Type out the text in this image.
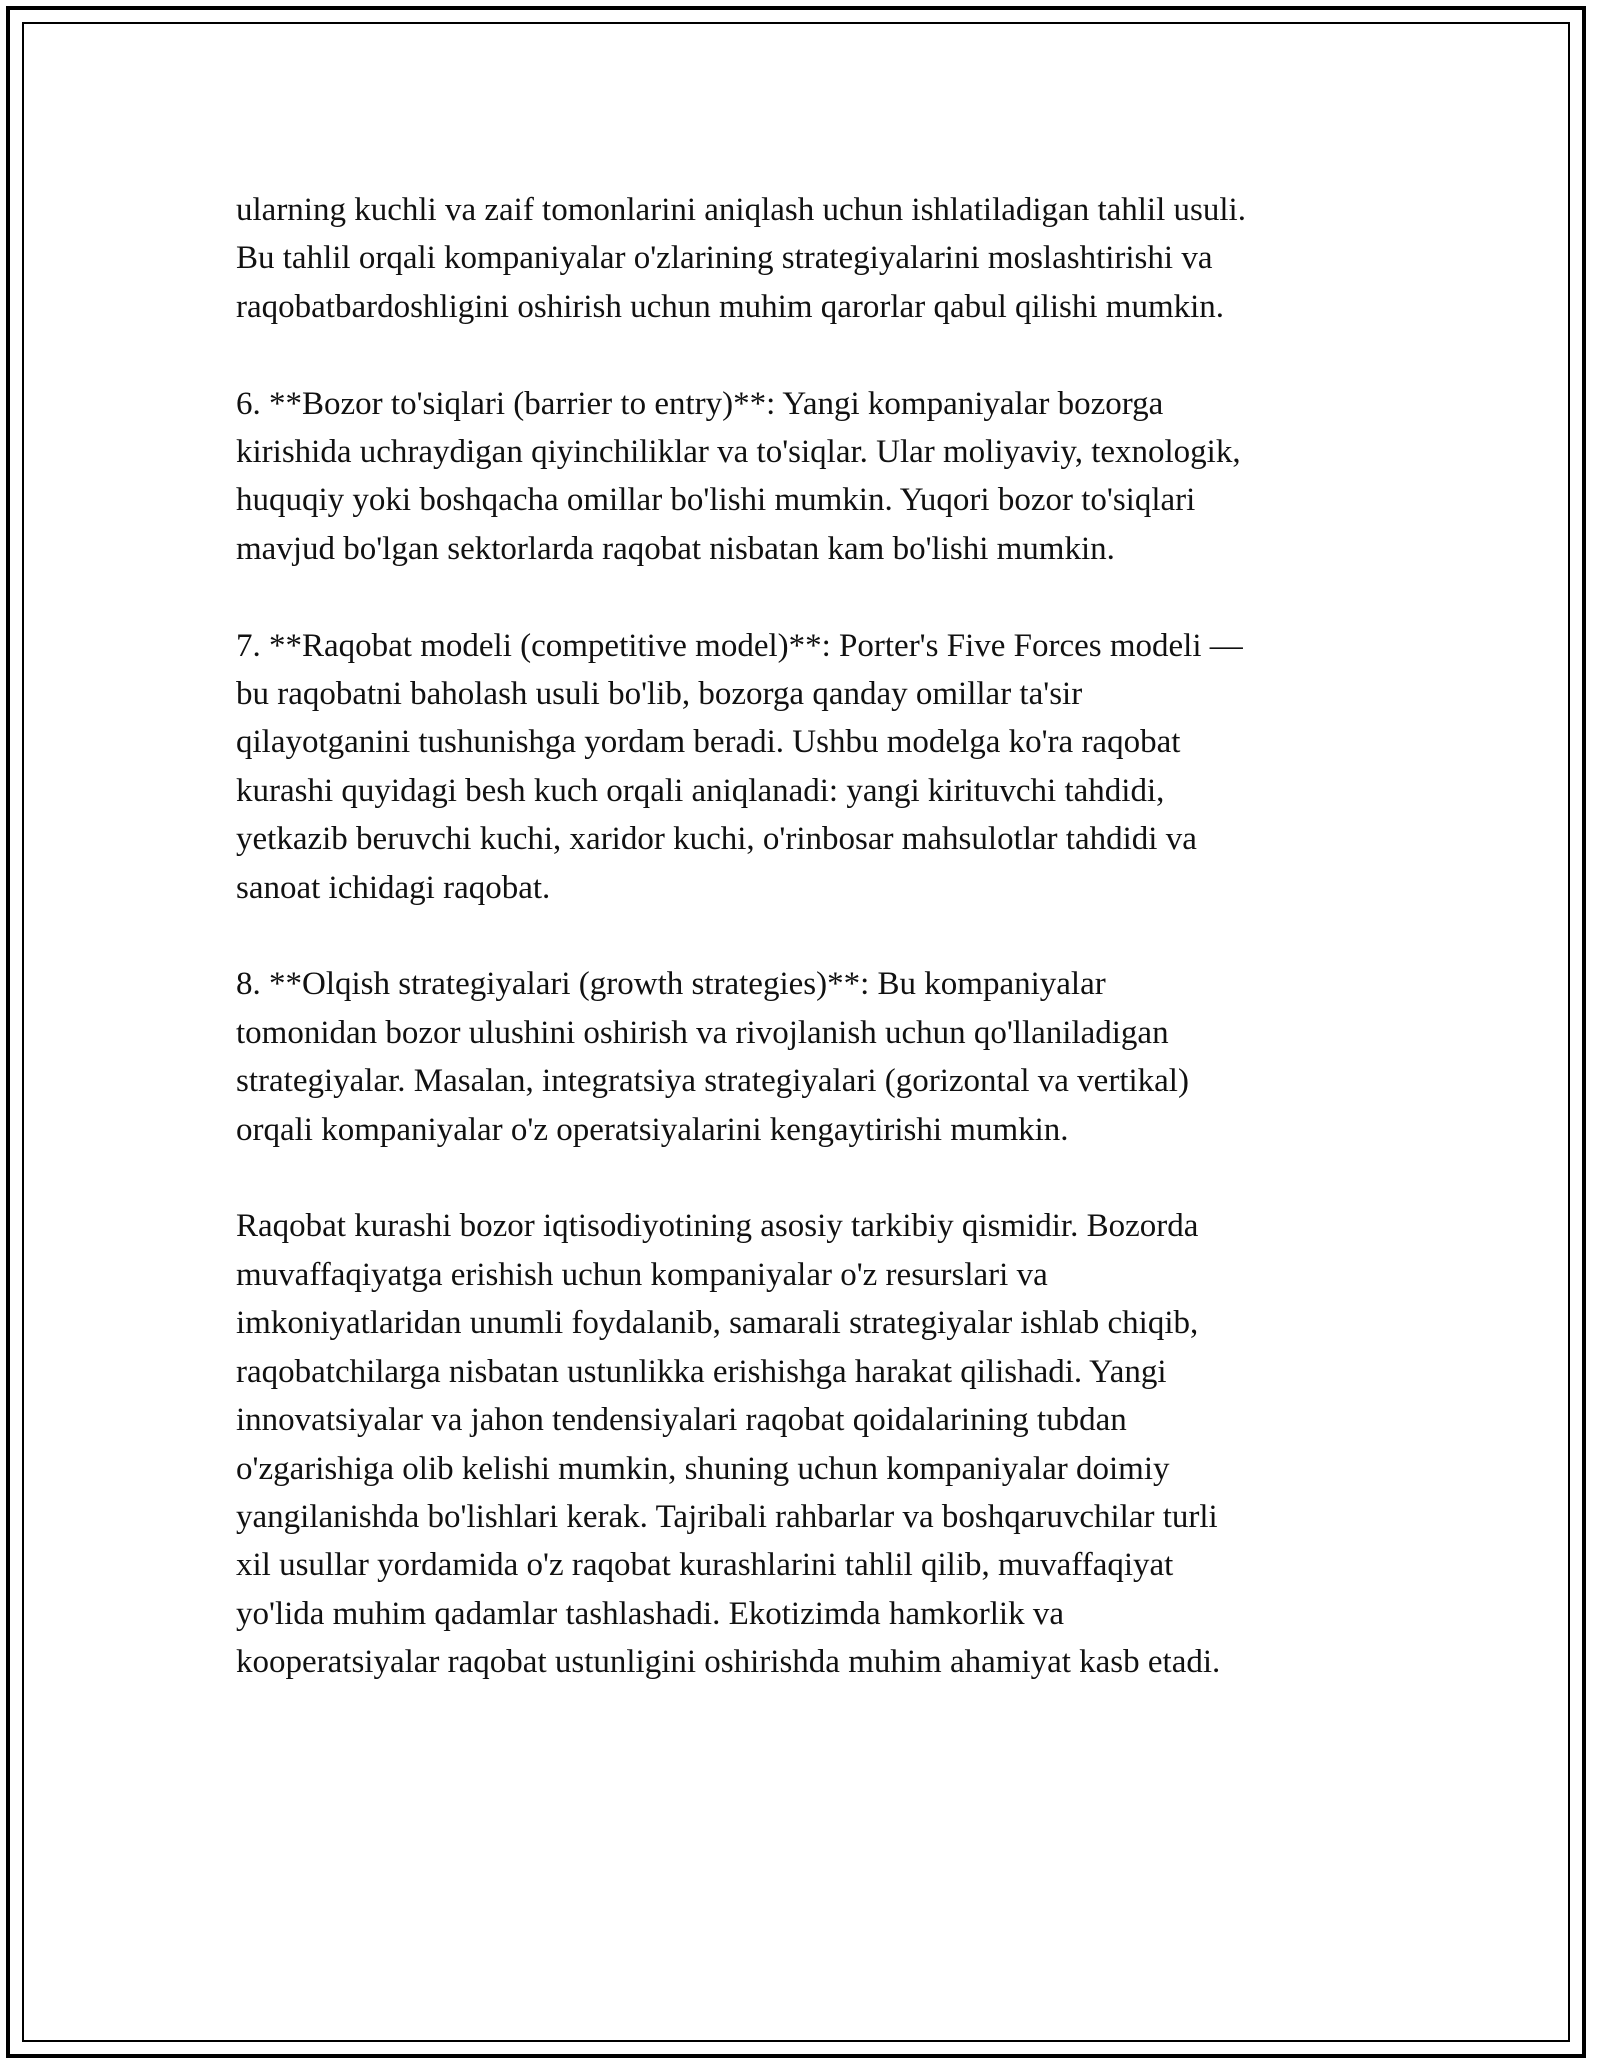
ularning kuchli va zaif tomonlarini aniqlash uchun ishlatiladigan tahlil usuli.
Bu tahlil orqali kompaniyalar o'zlarining strategiyalarini moslashtirishi va
raqobatbardoshligini oshirish uchun muhim qarorlar qabul qilishi mumkin.

6. **Bozor to'siqlari (barrier to entry)**: Yangi kompaniyalar bozorga
kirishida uchraydigan qiyinchiliklar va to'siqlar. Ular moliyaviy, texnologik,
huquqiy yoki boshqacha omillar bo'lishi mumkin. Yuqori bozor to'siqlari
mavjud bo'lgan sektorlarda raqobat nisbatan kam bo'lishi mumkin.

7. **Raqobat modeli (competitive model)**: Porter's Five Forces modeli —
bu raqobatni baholash usuli bo'lib, bozorga qanday omillar ta'sir
qilayotganini tushunishga yordam beradi. Ushbu modelga ko'ra raqobat
kurashi quyidagi besh kuch orqali aniqlanadi: yangi kirituvchi tahdidi,
yetkazib beruvchi kuchi, xaridor kuchi, o'rinbosar mahsulotlar tahdidi va
sanoat ichidagi raqobat.

8. **Olqish strategiyalari (growth strategies)**: Bu kompaniyalar
tomonidan bozor ulushini oshirish va rivojlanish uchun qo'llaniladigan
strategiyalar. Masalan, integratsiya strategiyalari (gorizontal va vertikal)
orqali kompaniyalar o'z operatsiyalarini kengaytirishi mumkin.

Raqobat kurashi bozor iqtisodiyotining asosiy tarkibiy qismidir. Bozorda
muvaffaqiyatga erishish uchun kompaniyalar o'z resurslari va
imkoniyatlaridan unumli foydalanib, samarali strategiyalar ishlab chiqib,
raqobatchilarga nisbatan ustunlikka erishishga harakat qilishadi. Yangi
innovatsiyalar va jahon tendensiyalari raqobat qoidalarining tubdan
o'zgarishiga olib kelishi mumkin, shuning uchun kompaniyalar doimiy
yangilanishda bo'lishlari kerak. Tajribali rahbarlar va boshqaruvchilar turli
xil usullar yordamida o'z raqobat kurashlarini tahlil qilib, muvaffaqiyat
yo'lida muhim qadamlar tashlashadi. Ekotizimda hamkorlik va
kooperatsiyalar raqobat ustunligini oshirishda muhim ahamiyat kasb etadi.
